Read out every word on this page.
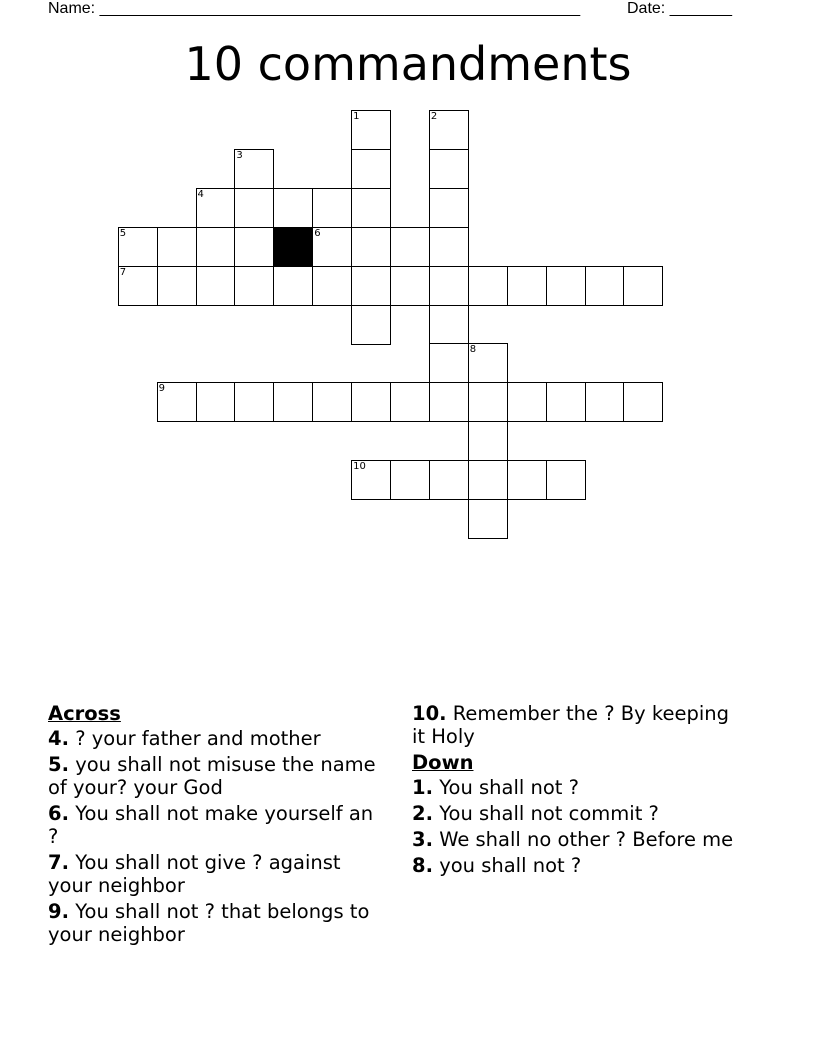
Name: ______________________________________________________	Date: _______
10 commandments
1	2
3
4
5	6
7
8
9
10
Across
4. ? your father and mother
5. you shall not misuse the name of your? your God
6. You shall not make yourself an ?
7. You shall not give ? against your neighbor
9. You shall not ? that belongs to your neighbor
10. Remember the ? By keeping it Holy
Down
1. You shall not ?
2. You shall not commit ?
3. We shall no other ? Before me
8. you shall not ?
